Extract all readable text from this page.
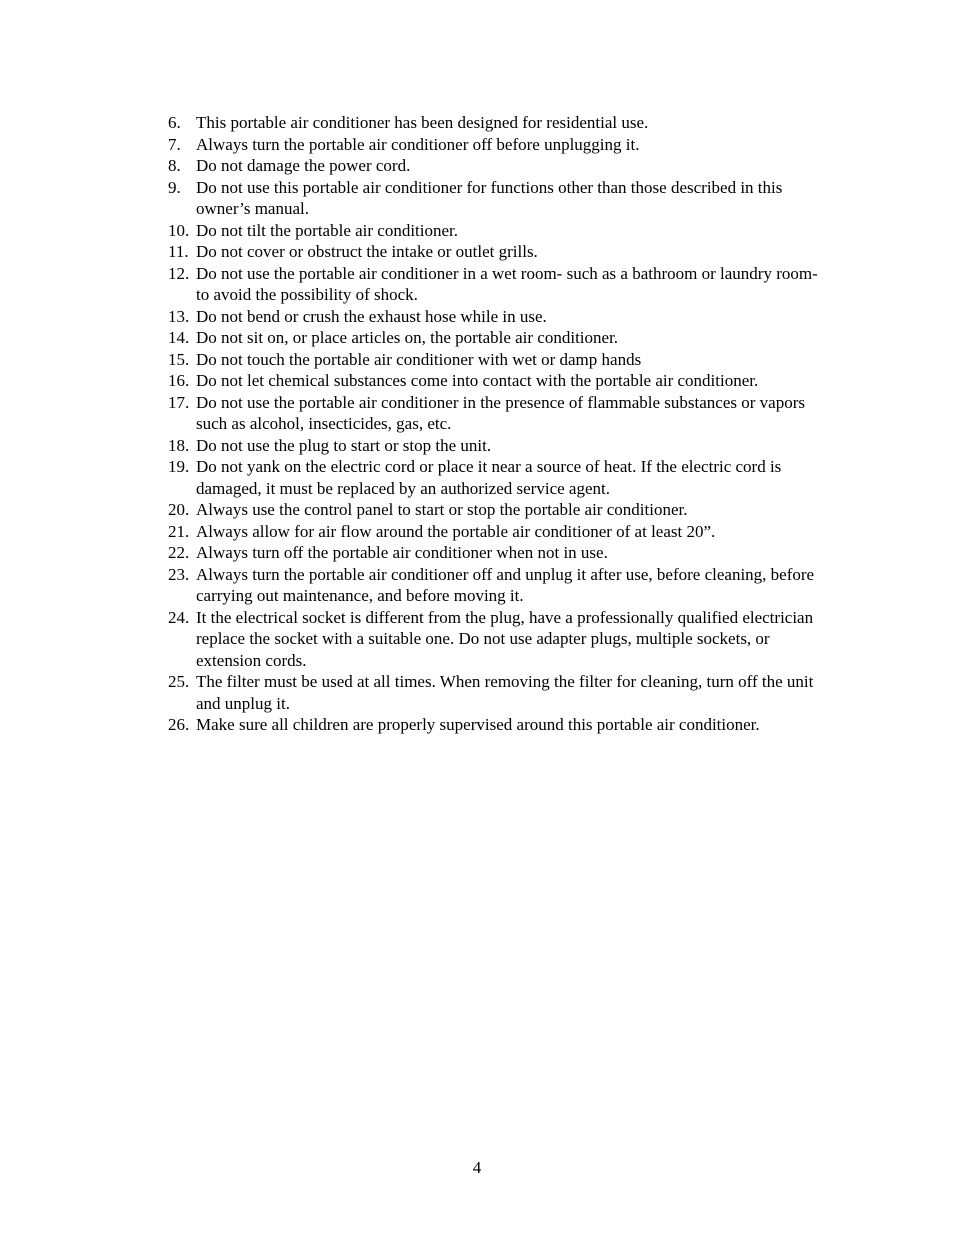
6. This portable air conditioner has been designed for residential use.
7. Always turn the portable air conditioner off before unplugging it.
8. Do not damage the power cord.
9. Do not use this portable air conditioner for functions other than those described in this owner’s manual.
10. Do not tilt the portable air conditioner.
11. Do not cover or obstruct the intake or outlet grills.
12. Do not use the portable air conditioner in a wet room- such as a bathroom or laundry room- to avoid the possibility of shock.
13. Do not bend or crush the exhaust hose while in use.
14. Do not sit on, or place articles on, the portable air conditioner.
15. Do not touch the portable air conditioner with wet or damp hands
16. Do not let chemical substances come into contact with the portable air conditioner.
17. Do not use the portable air conditioner in the presence of flammable substances or vapors such as alcohol, insecticides, gas, etc.
18. Do not use the plug to start or stop the unit.
19. Do not yank on the electric cord or place it near a source of heat. If the electric cord is damaged, it must be replaced by an authorized service agent.
20. Always use the control panel to start or stop the portable air conditioner.
21. Always allow for air flow around the portable air conditioner of at least 20”.
22. Always turn off the portable air conditioner when not in use.
23. Always turn the portable air conditioner off and unplug it after use, before cleaning, before carrying out maintenance, and before moving it.
24. It the electrical socket is different from the plug, have a professionally qualified electrician replace the socket with a suitable one. Do not use adapter plugs, multiple sockets, or extension cords.
25. The filter must be used at all times. When removing the filter for cleaning, turn off the unit and unplug it.
26. Make sure all children are properly supervised around this portable air conditioner.
4
